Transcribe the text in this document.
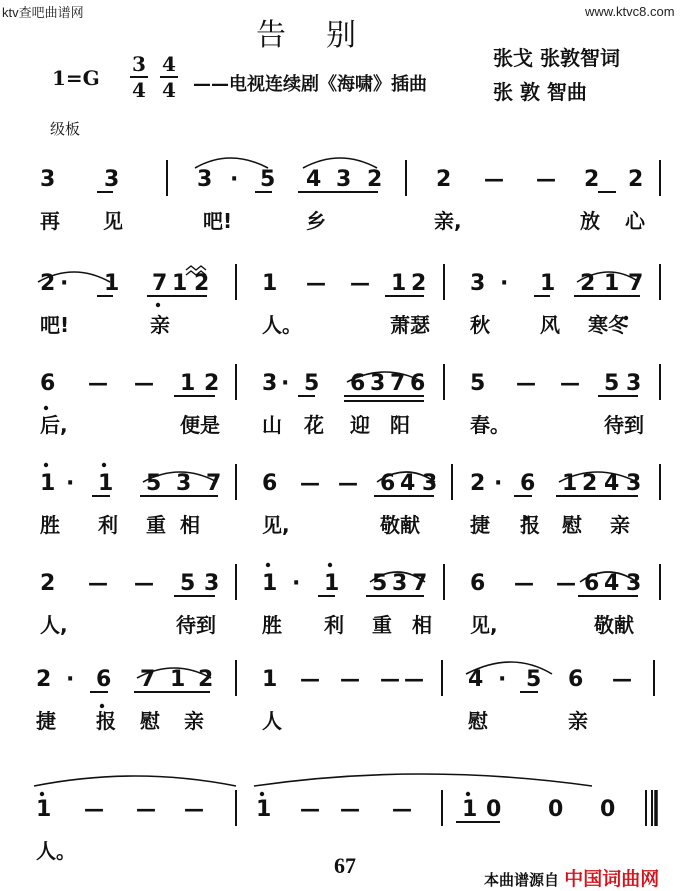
ktv查吧曲谱网	www.ktvc8.com
告别
1=G
3
4
4
4 ——电视连续剧《海啸》插曲
张戈 张敦智词
张 敦 智曲
级板
3 3	3 · 5 4 3 2 2 — — 2 2
2 · 1 7 1 2 1 — — 1 2 3 · 1 2 1 7
6 — — 1 2 3 · 5 6 3 7 6 5 — — 5 3
1 · 1 5 3 7 6 — — 6 4 3 2 · 6 1 2 4 3
2 — — 5 3 1 · 1 5 3 7 6 — — 6 4 3
2 · 6 7 1 2 1 — — — — 4 · 5 6 —
1 — — — 1 — — — 1 0 0 0
再 见	吧!	乡	亲,	放 心
吧!	亲	人。	萧瑟 秋	风 寒冬
后,	便是 山 花 迎 阳	春。	待到
胜 利 重 相	见,	敬献	捷 报 慰 亲
人,	待到 胜 利 重 相 见,	敬献
捷 报 慰 亲	人	慰	亲
人。
67
本曲谱源自 中国词曲网
